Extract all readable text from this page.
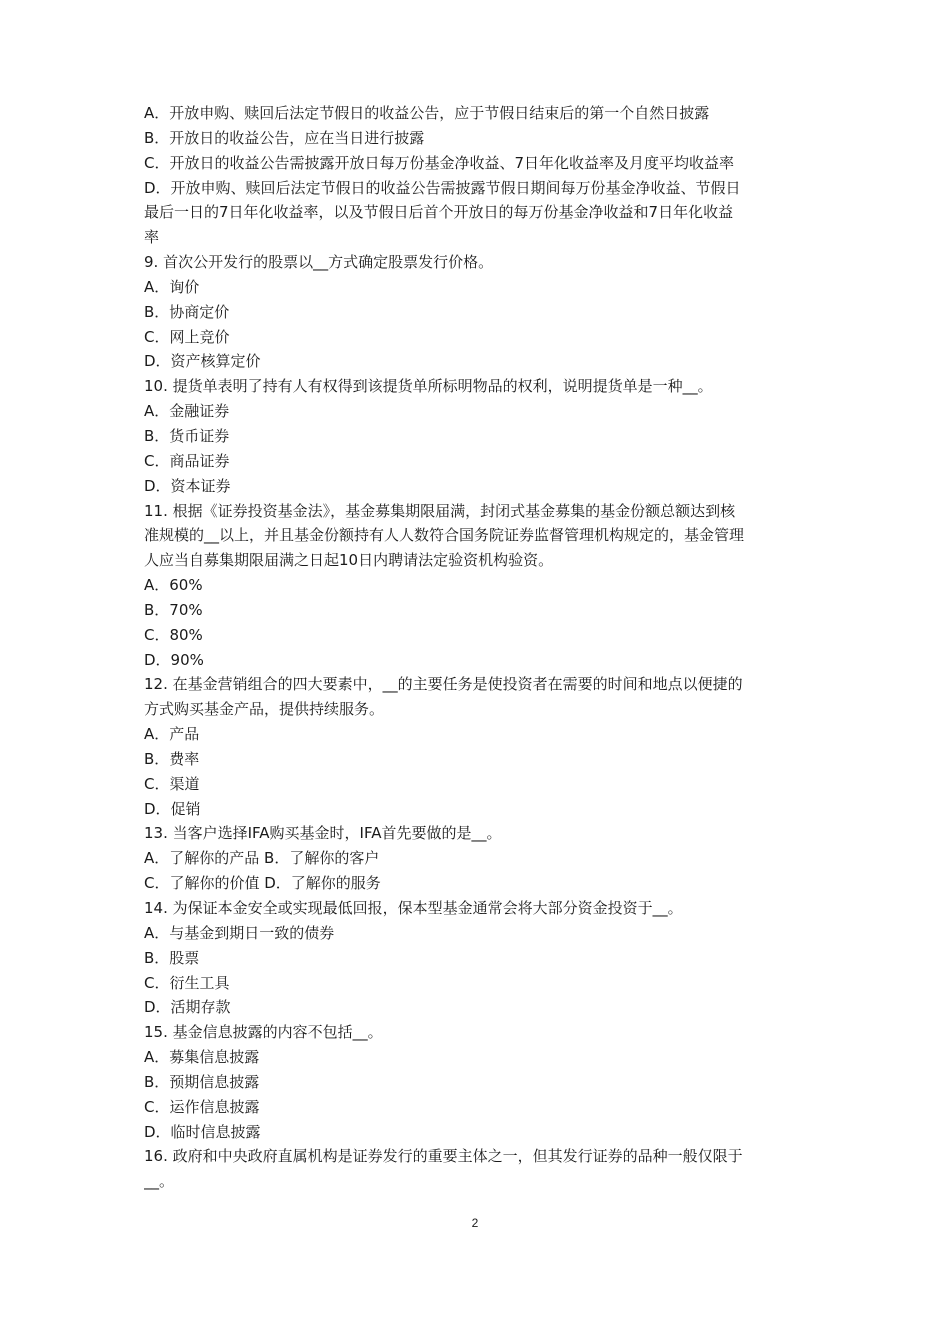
A．开放申购、赎回后法定节假日的收益公告，应于节假日结束后的第一个自然日披露
B．开放日的收益公告，应在当日进行披露
C．开放日的收益公告需披露开放日每万份基金净收益、7日年化收益率及月度平均收益率
D．开放申购、赎回后法定节假日的收益公告需披露节假日期间每万份基金净收益、节假日
最后一日的7日年化收益率，以及节假日后首个开放日的每万份基金净收益和7日年化收益
率
9. 首次公开发行的股票以__方式确定股票发行价格。
A．询价
B．协商定价
C．网上竞价
D．资产核算定价
10. 提货单表明了持有人有权得到该提货单所标明物品的权利，说明提货单是一种__。
A．金融证券
B．货币证券
C．商品证券
D．资本证券
11. 根据《证券投资基金法》，基金募集期限届满，封闭式基金募集的基金份额总额达到核
准规模的__以上，并且基金份额持有人人数符合国务院证券监督管理机构规定的，基金管理
人应当自募集期限届满之日起10日内聘请法定验资机构验资。
A．60%
B．70%
C．80%
D．90%
12. 在基金营销组合的四大要素中，__的主要任务是使投资者在需要的时间和地点以便捷的
方式购买基金产品，提供持续服务。
A．产品
B．费率
C．渠道
D．促销
13. 当客户选择IFA购买基金时，IFA首先要做的是__。
A．了解你的产品 B．了解你的客户
C．了解你的价值 D．了解你的服务
14. 为保证本金安全或实现最低回报，保本型基金通常会将大部分资金投资于__。
A．与基金到期日一致的债券
B．股票
C．衍生工具
D．活期存款
15. 基金信息披露的内容不包括__。
A．募集信息披露
B．预期信息披露
C．运作信息披露
D．临时信息披露
16. 政府和中央政府直属机构是证券发行的重要主体之一，但其发行证券的品种一般仅限于
__。
2
